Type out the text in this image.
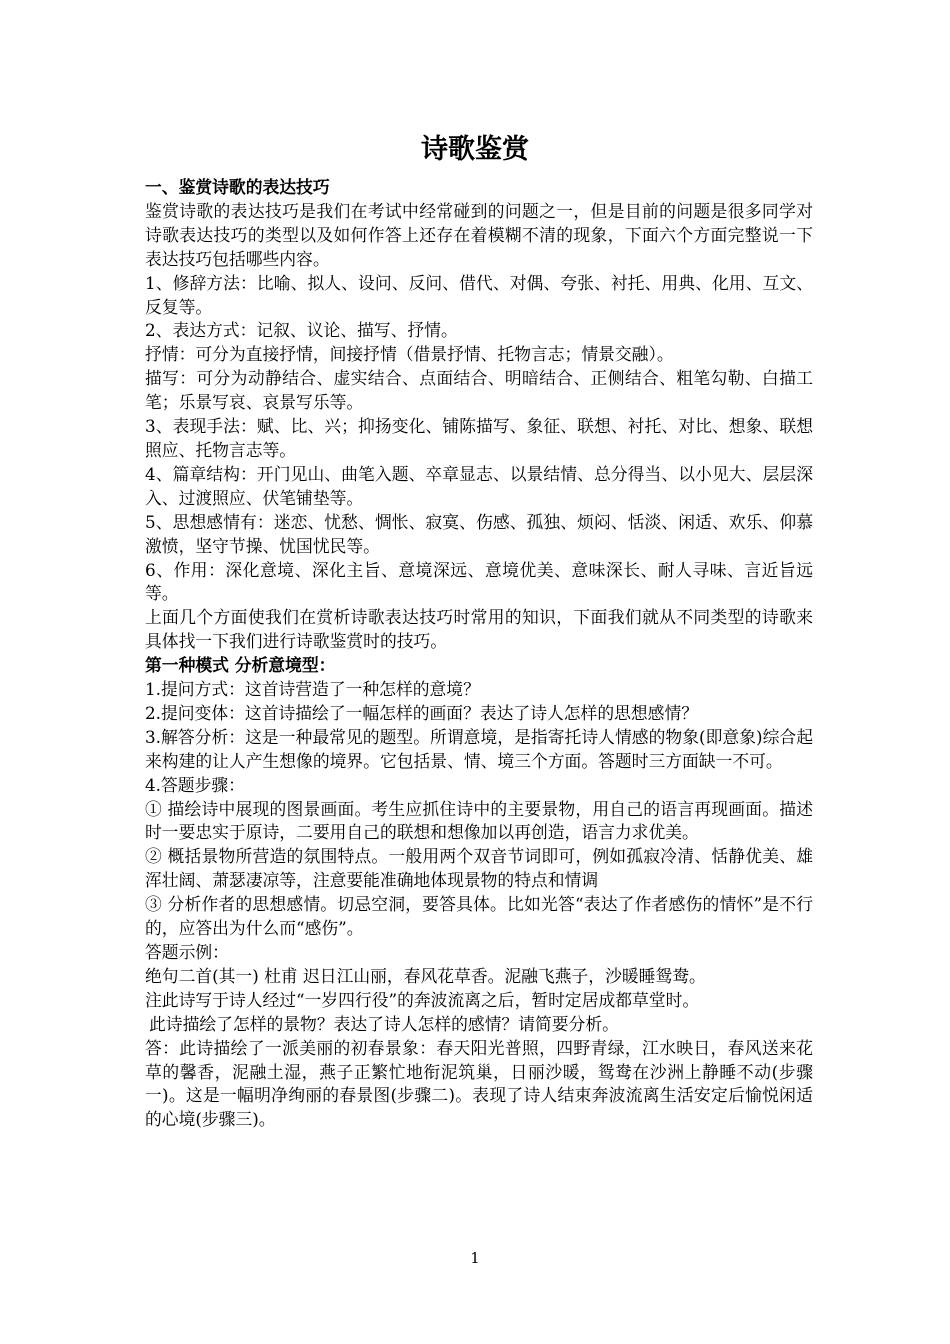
诗歌鉴赏

一、鉴赏诗歌的表达技巧

鉴赏诗歌的表达技巧是我们在考试中经常碰到的问题之一，但是目前的问题是很多同学对诗歌表达技巧的类型以及如何作答上还存在着模糊不清的现象，下面六个方面完整说一下表达技巧包括哪些内容。

1、修辞方法：比喻、拟人、设问、反问、借代、对偶、夸张、衬托、用典、化用、互文、反复等。

2、表达方式：记叙、议论、描写、抒情。

抒情：可分为直接抒情，间接抒情（借景抒情、托物言志；情景交融）。

描写：可分为动静结合、虚实结合、点面结合、明暗结合、正侧结合、粗笔勾勒、白描工笔；乐景写哀、哀景写乐等。

3、表现手法：赋、比、兴；抑扬变化、铺陈描写、象征、联想、衬托、对比、想象、联想照应、托物言志等。

4、篇章结构：开门见山、曲笔入题、卒章显志、以景结情、总分得当、以小见大、层层深入、过渡照应、伏笔铺垫等。

5、思想感情有：迷恋、忧愁、惆怅、寂寞、伤感、孤独、烦闷、恬淡、闲适、欢乐、仰慕激愤，坚守节操、忧国忧民等。

6、作用：深化意境、深化主旨、意境深远、意境优美、意味深长、耐人寻味、言近旨远等。

上面几个方面使我们在赏析诗歌表达技巧时常用的知识，下面我们就从不同类型的诗歌来具体找一下我们进行诗歌鉴赏时的技巧。

第一种模式 分析意境型：

1.提问方式：这首诗营造了一种怎样的意境？

2.提问变体：这首诗描绘了一幅怎样的画面？表达了诗人怎样的思想感情？

3.解答分析：这是一种最常见的题型。所谓意境，是指寄托诗人情感的物象(即意象)综合起来构建的让人产生想像的境界。它包括景、情、境三个方面。答题时三方面缺一不可。

4.答题步骤：

① 描绘诗中展现的图景画面。考生应抓住诗中的主要景物，用自己的语言再现画面。描述时一要忠实于原诗，二要用自己的联想和想像加以再创造，语言力求优美。

② 概括景物所营造的氛围特点。一般用两个双音节词即可，例如孤寂冷清、恬静优美、雄浑壮阔、萧瑟凄凉等，注意要能准确地体现景物的特点和情调

③ 分析作者的思想感情。切忌空洞，要答具体。比如光答“表达了作者感伤的情怀”是不行的，应答出为什么而“感伤”。

答题示例：

绝句二首(其一) 杜甫 迟日江山丽，春风花草香。泥融飞燕子，沙暖睡鸳鸯。

注此诗写于诗人经过“一岁四行役”的奔波流离之后，暂时定居成都草堂时。

此诗描绘了怎样的景物？表达了诗人怎样的感情？请简要分析。

答：此诗描绘了一派美丽的初春景象：春天阳光普照，四野青绿，江水映日，春风送来花草的馨香，泥融土湿，燕子正繁忙地衔泥筑巢，日丽沙暖，鸳鸯在沙洲上静睡不动(步骤一)。这是一幅明净绚丽的春景图(步骤二)。表现了诗人结束奔波流离生活安定后愉悦闲适的心境(步骤三)。

1
